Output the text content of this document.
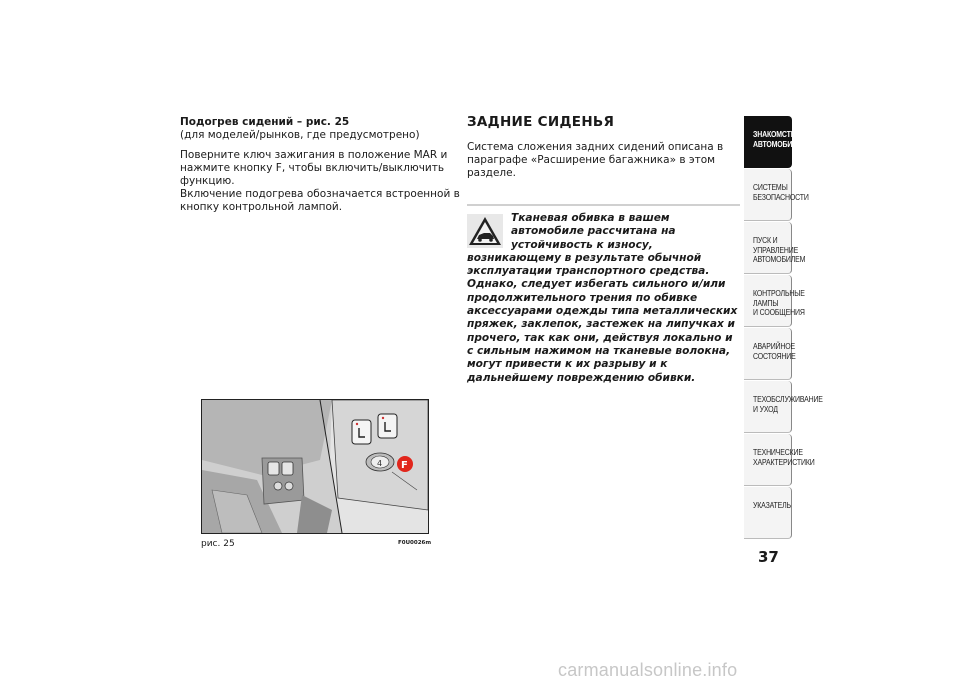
Подогрев сидений – рис. 25

(для моделей/рынков, где предусмотрено)

Поверните ключ зажигания в положение MAR и нажмите кнопку F, чтобы включить/выключить функцию.

Включение подогрева обозначается встроенной в кнопку контрольной лампой.

ЗАДНИЕ СИДЕНЬЯ

Система сложения задних сидений описана в параграфе «Расширение багажника» в этом разделе.

Тканевая обивка в вашем автомобиле рассчитана на устойчивость к износу, возникающему в результате обычной эксплуатации транспортного средства. Однако, следует избегать сильного и/или продолжительного трения по обивке аксессуарами одежды типа металлических пряжек, заклепок, застежек на липучках и прочего, так как они, действуя локально и с сильным нажимом на тканевые волокна, могут привести к их разрыву и к дальнейшему повреждению обивки.
4 F
рис. 25	F0U0026m
ЗНАКОМСТВО С
АВТОМОБИЛЕМ
СИСТЕМЫ
БЕЗОПАСНОСТИ
ПУСК И УПРАВЛЕНИЕ
АВТОМОБИЛЕМ
КОНТРОЛЬНЫЕ
ЛАМПЫ
И СООБЩЕНИЯ
АВАРИЙНОЕ
СОСТОЯНИЕ
ТЕХОБСЛУЖИВАНИЕ
И УХОД
ТЕХНИЧЕСКИЕ
ХАРАКТЕРИСТИКИ
УКАЗАТЕЛЬ
37
carmanualsonline.info
